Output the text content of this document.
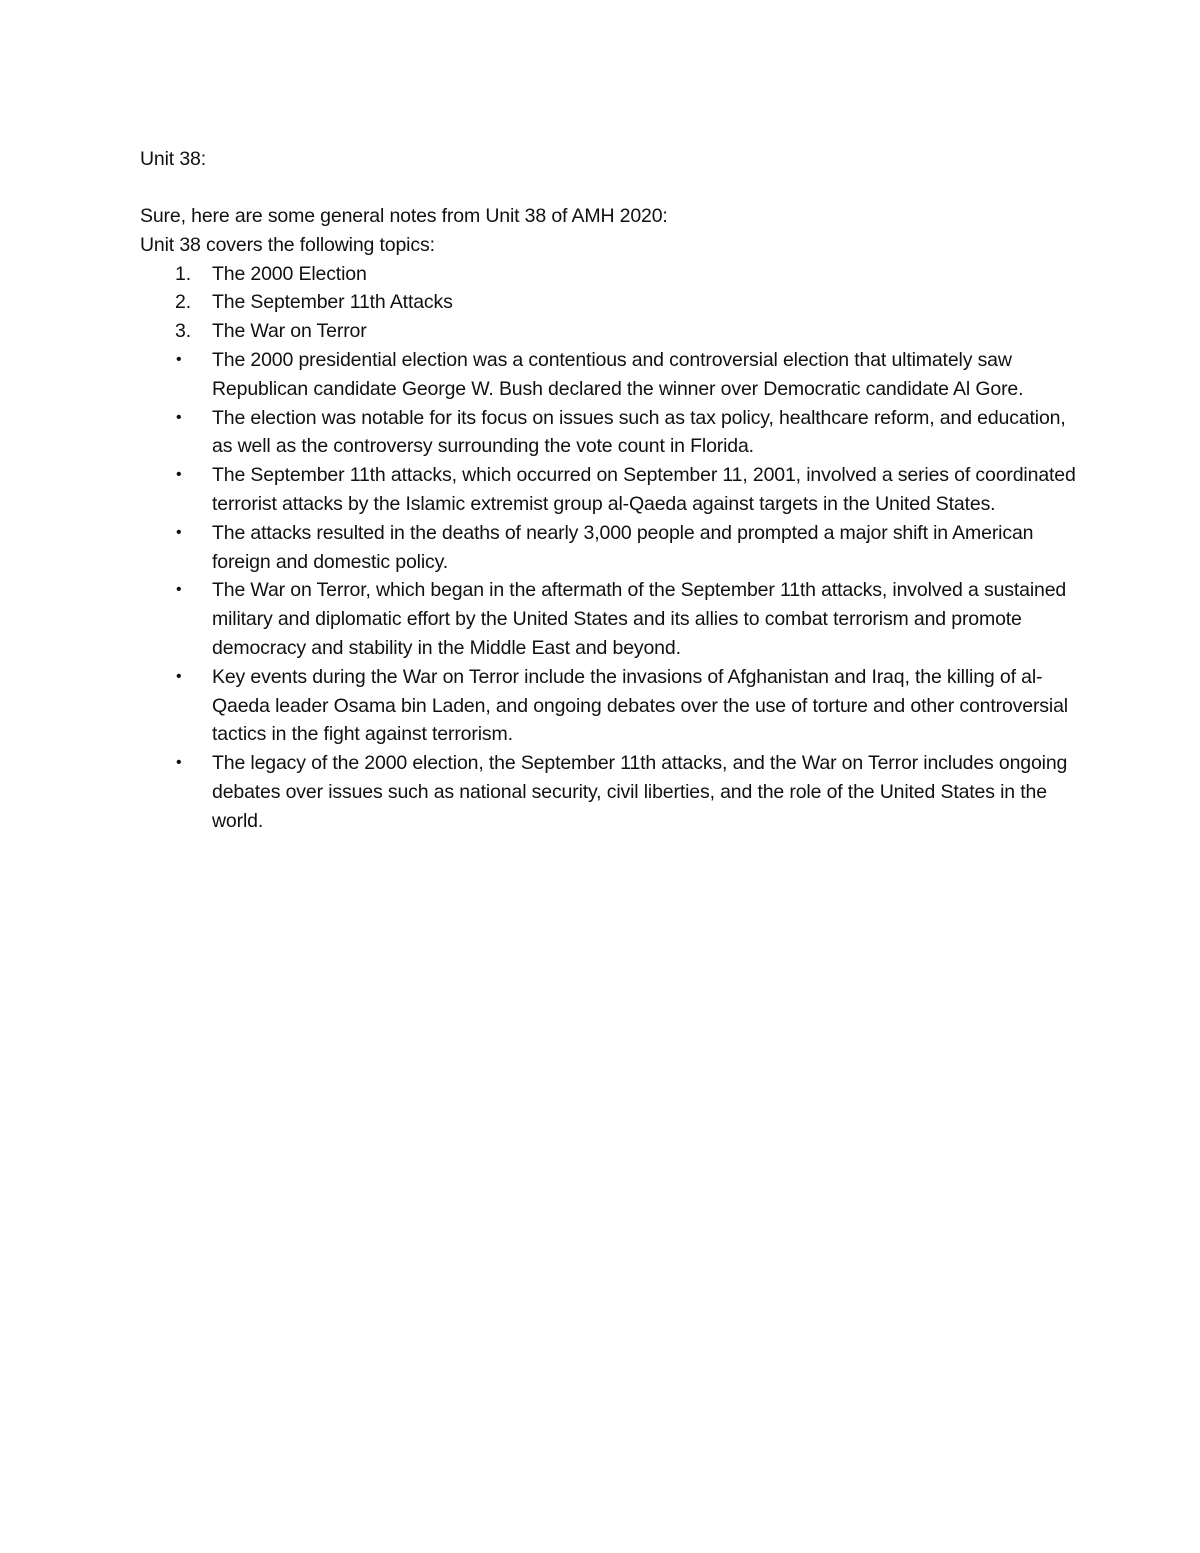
Unit 38:

Sure, here are some general notes from Unit 38 of AMH 2020:

Unit 38 covers the following topics:

1.	The 2000 Election
2.	The September 11th Attacks
3.	The War on Terror
•	The 2000 presidential election was a contentious and controversial election that ultimately saw Republican candidate George W. Bush declared the winner over Democratic candidate Al Gore.
•	The election was notable for its focus on issues such as tax policy, healthcare reform, and education, as well as the controversy surrounding the vote count in Florida.
•	The September 11th attacks, which occurred on September 11, 2001, involved a series of coordinated terrorist attacks by the Islamic extremist group al-Qaeda against targets in the United States.
•	The attacks resulted in the deaths of nearly 3,000 people and prompted a major shift in American foreign and domestic policy.
•	The War on Terror, which began in the aftermath of the September 11th attacks, involved a sustained military and diplomatic effort by the United States and its allies to combat terrorism and promote democracy and stability in the Middle East and beyond.
•	Key events during the War on Terror include the invasions of Afghanistan and Iraq, the killing of al-Qaeda leader Osama bin Laden, and ongoing debates over the use of torture and other controversial tactics in the fight against terrorism.
•	The legacy of the 2000 election, the September 11th attacks, and the War on Terror includes ongoing debates over issues such as national security, civil liberties, and the role of the United States in the world.
